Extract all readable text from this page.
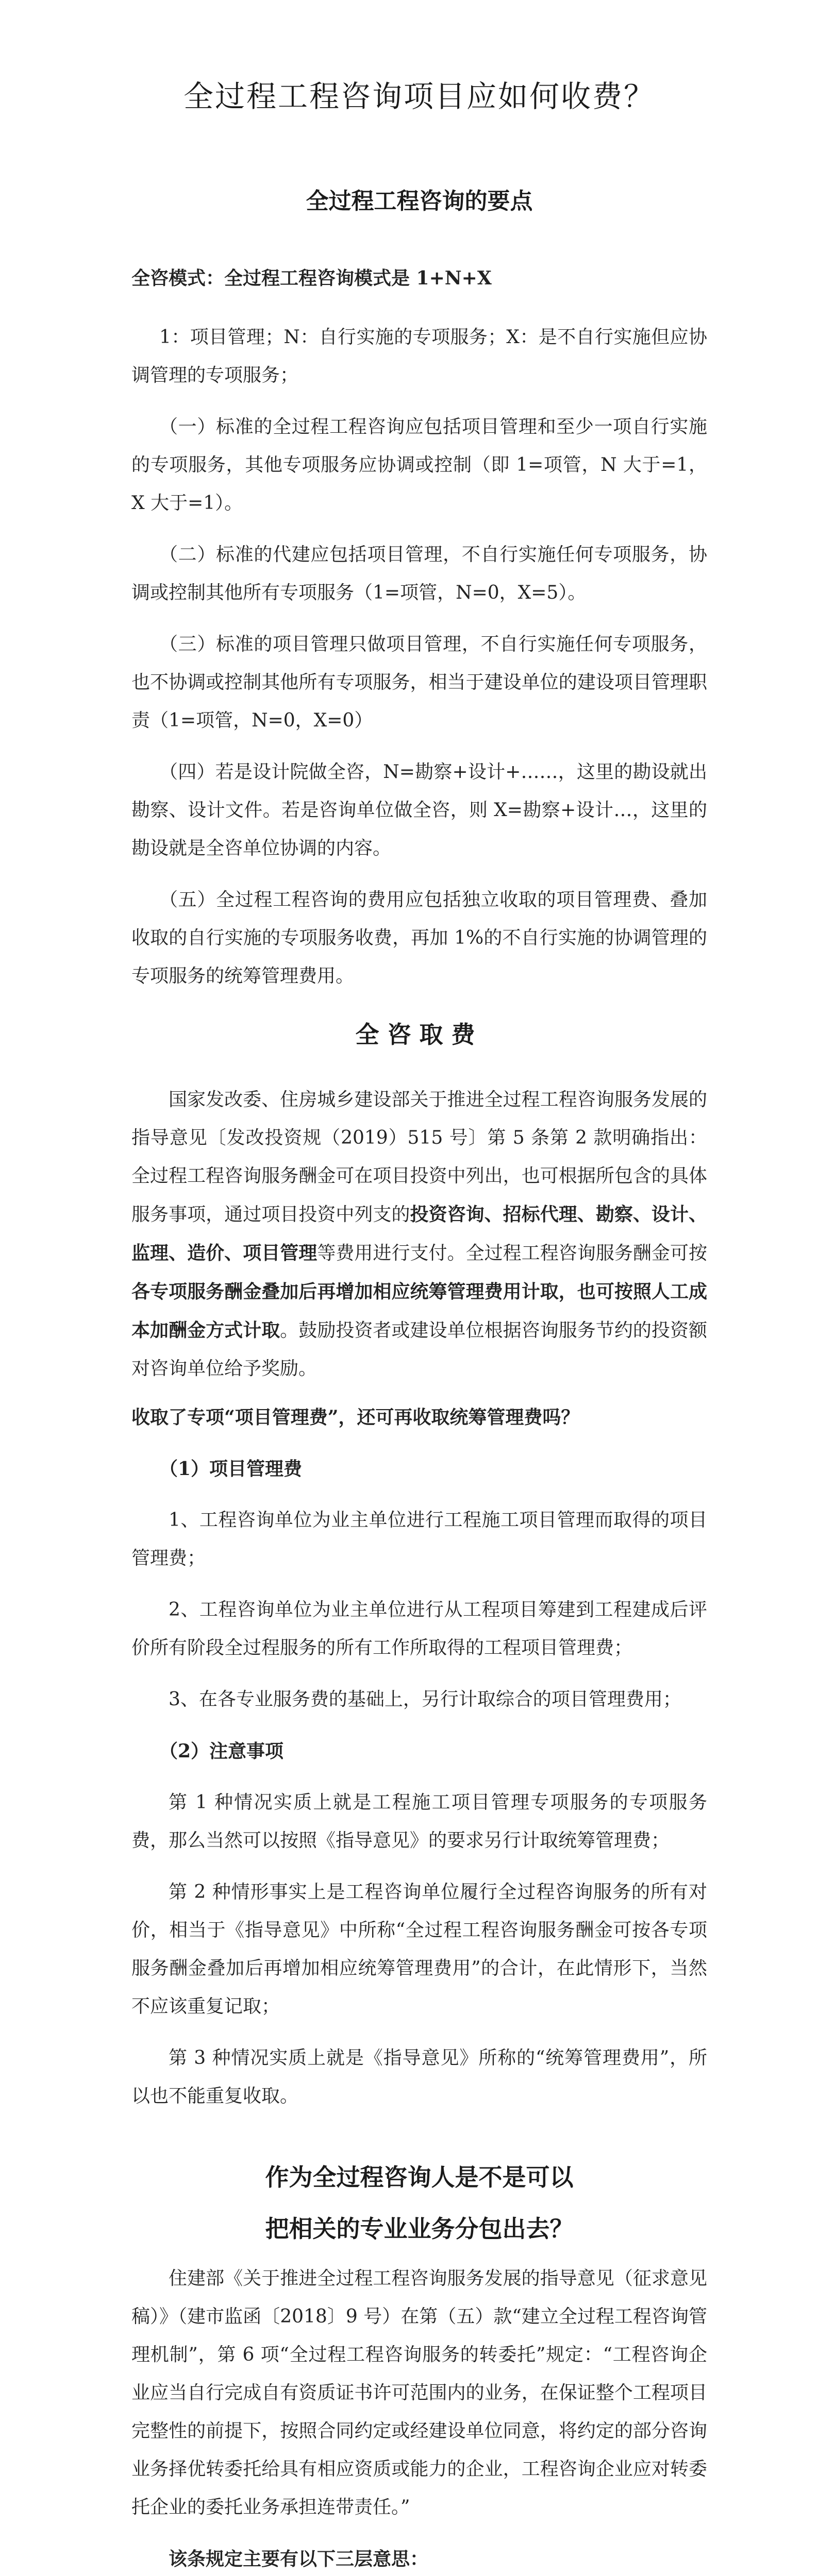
全过程工程咨询项目应如何收费？
全过程工程咨询的要点
全咨模式：全过程工程咨询模式是 1+N+X

1：项目管理；N：自行实施的专项服务；X：是不自行实施但应协调管理的专项服务；

（一）标准的全过程工程咨询应包括项目管理和至少一项自行实施的专项服务，其他专项服务应协调或控制（即 1=项管，N 大于=1，X 大于=1）。

（二）标准的代建应包括项目管理，不自行实施任何专项服务，协调或控制其他所有专项服务（1=项管，N=0，X=5）。

（三）标准的项目管理只做项目管理，不自行实施任何专项服务，也不协调或控制其他所有专项服务，相当于建设单位的建设项目管理职责（1=项管，N=0，X=0）

（四）若是设计院做全咨，N=勘察+设计+……，这里的勘设就出勘察、设计文件。若是咨询单位做全咨，则 X=勘察+设计…，这里的勘设就是全咨单位协调的内容。

（五）全过程工程咨询的费用应包括独立收取的项目管理费、叠加收取的自行实施的专项服务收费，再加 1%的不自行实施的协调管理的专项服务的统筹管理费用。

全咨取费

国家发改委、住房城乡建设部关于推进全过程工程咨询服务发展的指导意见〔发改投资规（2019）515 号〕第 5 条第 2 款明确指出：全过程工程咨询服务酬金可在项目投资中列出，也可根据所包含的具体服务事项，通过项目投资中列支的投资咨询、招标代理、勘察、设计、监理、造价、项目管理等费用进行支付。全过程工程咨询服务酬金可按各专项服务酬金叠加后再增加相应统筹管理费用计取，也可按照人工成本加酬金方式计取。鼓励投资者或建设单位根据咨询服务节约的投资额对咨询单位给予奖励。

收取了专项“项目管理费”，还可再收取统筹管理费吗？

（1）项目管理费

1、工程咨询单位为业主单位进行工程施工项目管理而取得的项目管理费；

2、工程咨询单位为业主单位进行从工程项目筹建到工程建成后评价所有阶段全过程服务的所有工作所取得的工程项目管理费；

3、在各专业服务费的基础上，另行计取综合的项目管理费用；

（2）注意事项

第 1 种情况实质上就是工程施工项目管理专项服务的专项服务费，那么当然可以按照《指导意见》的要求另行计取统筹管理费；

第 2 种情形事实上是工程咨询单位履行全过程咨询服务的所有对价，相当于《指导意见》中所称“全过程工程咨询服务酬金可按各专项服务酬金叠加后再增加相应统筹管理费用”的合计，在此情形下，当然不应该重复记取；

第 3 种情况实质上就是《指导意见》所称的“统筹管理费用”，所以也不能重复收取。

作为全过程咨询人是不是可以
把相关的专业业务分包出去？

住建部《关于推进全过程工程咨询服务发展的指导意见（征求意见稿）》（建市监函〔2018〕9 号）在第（五）款“建立全过程工程咨询管理机制”，第 6 项“全过程工程咨询服务的转委托”规定：“工程咨询企业应当自行完成自有资质证书许可范围内的业务，在保证整个工程项目完整性的前提下，按照合同约定或经建设单位同意，将约定的部分咨询业务择优转委托给具有相应资质或能力的企业，工程咨询企业应对转委托企业的委托业务承担连带责任。”

该条规定主要有以下三层意思：
